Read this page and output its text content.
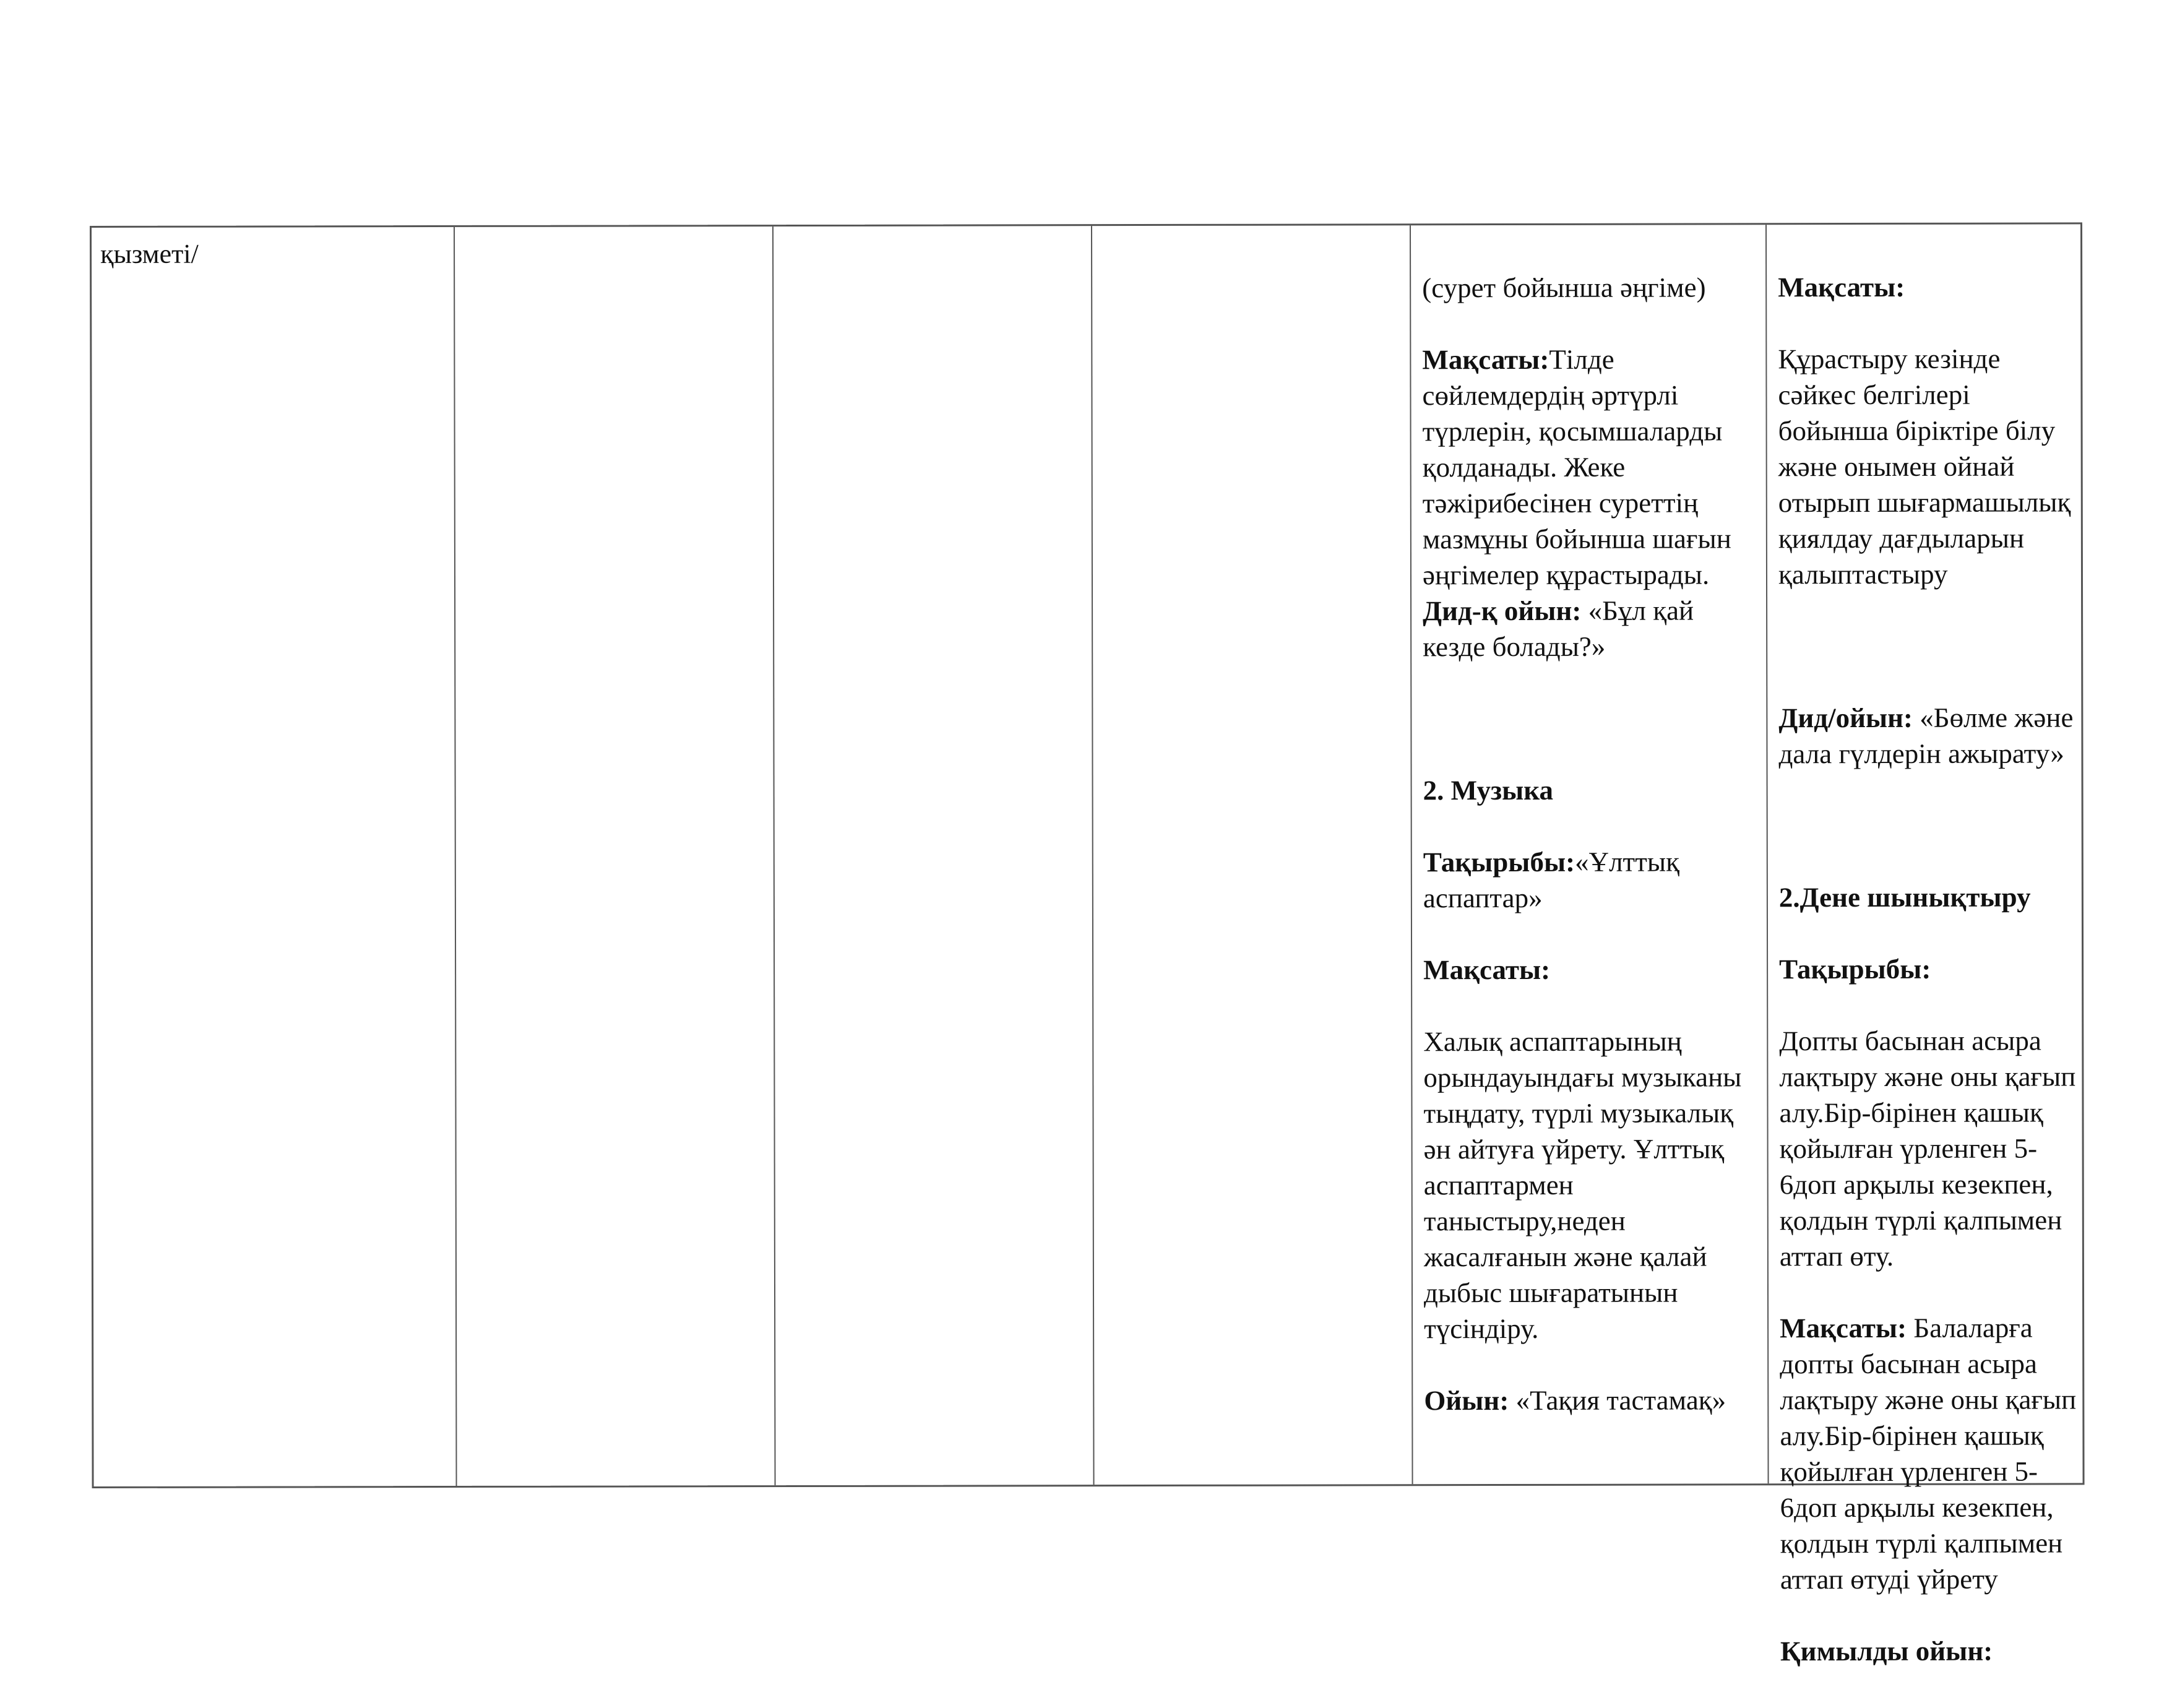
қызметі/

(сурет бойынша әңгіме)

Мақсаты:Тілде сөйлемдердің әртүрлі түрлерін, қосымшаларды қолданады. Жеке тәжірибесінен суреттің мазмұны бойынша шағын әңгімелер құрастырады.

Дид-қ ойын: «Бұл қай кезде болады?»

2. Музыка

Тақырыбы:«Ұлттық аспаптар»

Мақсаты:

Халық аспаптарының орындауындағы музыканы тыңдату, түрлі музыкалық ән айтуға үйрету. Ұлттық аспаптармен таныстыру,неден жасалғанын және қалай дыбыс шығаратынын түсіндіру.

Ойын: «Тақия тастамақ»

Мақсаты:

Құрастыру кезінде сәйкес белгілері бойынша біріктіре білу және онымен ойнай отырып шығармашылық қиялдау дағдыларын қалыптастыру

Дид/ойын: «Бөлме және дала гүлдерін ажырату»

2.Дене шынықтыру

Тақырыбы:

Допты басынан асыра лақтыру және оны қағып алу.Бір-бірінен қашық қойылған үрленген 5-6доп арқылы кезекпен, қолдын түрлі қалпымен аттап өту.

Мақсаты: Балаларға допты басынан асыра лақтыру және оны қағып алу.Бір-бірінен қашық қойылған үрленген 5-6доп арқылы кезекпен, қолдын түрлі қалпымен аттап өтуді үйрету

Қимылды ойын:
